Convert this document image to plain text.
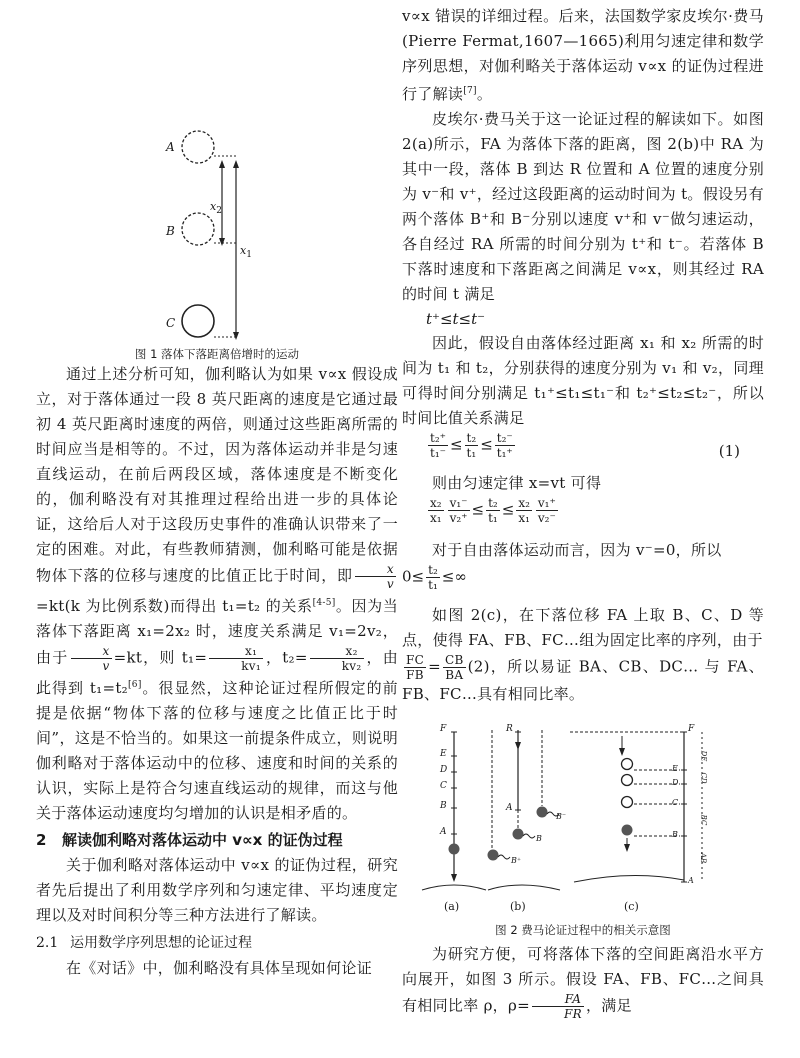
A
B
C
$x_2$
$x_1$

图 1 落体下落距离倍增时的运动

通过上述分析可知，伽利略认为如果 v∝x 假设成立，对于落体通过一段 8 英尺距离的速度是它通过最初 4 英尺距离时速度的两倍，则通过这些距离所需的时间应当是相等的。不过，因为落体运动并非是匀速直线运动，在前后两段区域，落体速度是不断变化的，伽利略没有对其推理过程给出进一步的具体论证，这给后人对于这段历史事件的准确认识带来了一定的困难。对此，有些教师猜测，伽利略可能是依据物体下落的位移与速度的比值正比于时间，即 $\frac{x}{v}$
=kt(k 为比例系数)而得出 t₁=t₂ 的关系[4-5]。因为当落体下落距离 x₁=2x₂ 时，速度关系满足 v₁=2v₂，由于 $\frac{x}{v} =kt$，则 $t_1= \frac{\text{x₁}}{\text{kv₁}}$ ，$t_2= \frac{\text{x₂}}{\text{kv₂}}$ ，由此得到 t₁=t₂[6]。很显然，这种论证过程所假定的前提是依据“物体下落的位移与速度之比值正比于时间”，这是不恰当的。如果这一前提条件成立，则说明伽利略对于落体运动中的位移、速度和时间的关系的认识，实际上是符合匀速直线运动的规律，而这与他关于落体运动速度均匀增加的认识是相矛盾的。

2 解读伽利略对落体运动中 v∝x 的证伪过程

关于伽利略对落体运动中 v∝x 的证伪过程，研究者先后提出了利用数学序列和匀速定律、平均速度定理以及对时间积分等三种方法进行了解读。

2.1 运用数学序列思想的论证过程

在《对话》中，伽利略没有具体呈现如何论证

v∝x 错误的详细过程。后来，法国数学家皮埃尔·费马(Pierre Fermat,1607—1665)利用匀速定律和数学序列思想，对伽利略关于落体运动 v∝x 的证伪过程进行了解读[7]。

皮埃尔·费马关于这一论证过程的解读如下。如图 2(a)所示，FA 为落体下落的距离，图 2(b)中 RA 为其中一段，落体 B 到达 R 位置和 A 位置的速度分别为 v⁻和 v⁺，经过这段距离的运动时间为 t。假设另有两个落体 B⁺和 B⁻分别以速度 v⁺和 v⁻做匀速运动，各自经过 RA 所需的时间分别为 t⁺和 t⁻。若落体 B 下落时速度和下落距离之间满足 v∝x，则其经过 RA 的时间 t 满足

t⁺≤t≤t⁻

因此，假设自由落体经过距离 x₁ 和 x₂ 所需的时间为 t₁ 和 t₂，分别获得的速度分别为 v₁ 和 v₂，同理可得时间分别满足 t₁⁺≤t₁≤t₁⁻和 t₂⁺≤t₂≤t₂⁻，所以时间比值关系满足

$\frac{\text{t₂⁺}}{\text{t₁⁻}} \le \frac{\text{t₂}}{\text{t₁}} \le \frac{\text{t₂⁻}}{\text{t₁⁺}}$	(1)

则由匀速定律 x=vt 可得

$\frac{\text{x₂}}{\text{x₁}} \frac{\text{v₁⁻}}{\text{v₂⁺}} \le \frac{\text{t₂}}{\text{t₁}} \le \frac{\text{x₂}}{\text{x₁}} \frac{\text{v₁⁺}}{\text{v₂⁻}}$

对于自由落体运动而言，因为 v⁻=0，所以

$0\le \frac{\text{t₂}}{\text{t₁}}$ ≤∞

如图 2(c)，在下落位移 FA 上取 B、C、D 等点，使得 FA、FB、FC…组为固定比率的序列，由于

$\frac{FC}{FB} = \frac{CB}{BA} (2)$，所以易证 BA、CB、DC… 与 FA、FB、FC…具有相同比率。

F
E
D
C
B
A
R
A
B⁻
B
B⁺
F
E
D
C
B
A
DE
CD
BC
AB
(a)	(b)	(c)

图 2 费马论证过程中的相关示意图

为研究方便，可将落体下落的空间距离沿水平方向展开，如图 3 所示。假设 FA、FB、FC…之间具有相同比率 ρ，$\rho= \frac{FA}{FR}$ ，满足
